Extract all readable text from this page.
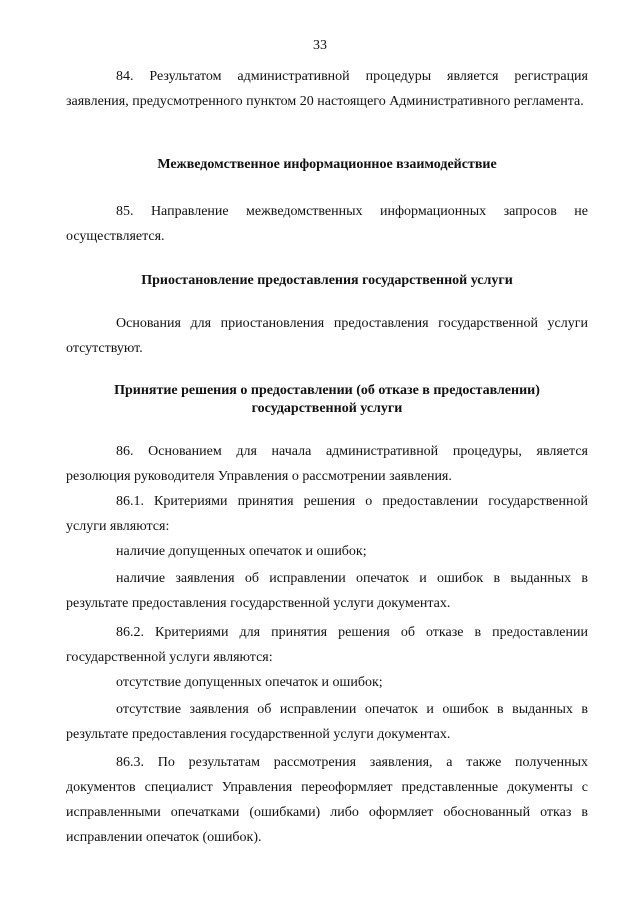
33

84. Результатом административной процедуры является регистрация заявления, предусмотренного пунктом 20 настоящего Административного регламента.

Межведомственное информационное взаимодействие

85. Направление межведомственных информационных запросов не осуществляется.

Приостановление предоставления государственной услуги

Основания для приостановления предоставления государственной услуги отсутствуют.

Принятие решения о предоставлении (об отказе в предоставлении) государственной услуги

86. Основанием для начала административной процедуры, является резолюция руководителя Управления о рассмотрении заявления.

86.1. Критериями принятия решения о предоставлении государственной услуги являются:

наличие допущенных опечаток и ошибок;

наличие заявления об исправлении опечаток и ошибок в выданных в результате предоставления государственной услуги документах.

86.2. Критериями для принятия решения об отказе в предоставлении государственной услуги являются:

отсутствие допущенных опечаток и ошибок;

отсутствие заявления об исправлении опечаток и ошибок в выданных в результате предоставления государственной услуги документах.

86.3. По результатам рассмотрения заявления, а также полученных документов специалист Управления переоформляет представленные документы с исправленными опечатками (ошибками) либо оформляет обоснованный отказ в исправлении опечаток (ошибок).
